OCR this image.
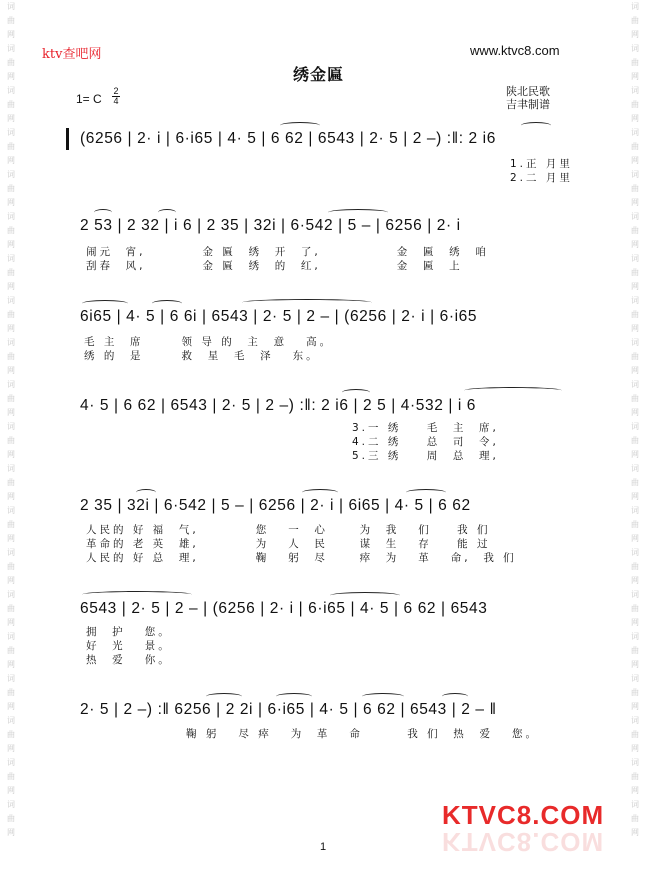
词
曲
网
词
曲
网
词
曲
网
词
曲
网
词
曲
网
词
曲
网
词
曲
网
词
曲
网
词
曲
网
词
曲
网
词
曲
网
词
曲
网
词
曲
网
词
曲
网
词
曲
网
词
曲
网
词
曲
网
词
曲
网
词
曲
网
词
曲
网
词
曲
网
词
曲
网
词
曲
网
词
曲
网
词
曲
网
词
曲
网
词
曲
网
词
曲
网
词
曲
网
词
曲
网
词
曲
网
词
曲
网
词
曲
网
词
曲
网
词
曲
网
词
曲
网
词
曲
网
词
曲
网
词
曲
网
词
曲
网
ktv查吧网	www.ktvc8.com
绣金匾
1= C
2
4
陕北民歌
吉聿制谱
(6256 | 2· i | 6·i65 | 4· 5 | 6 62 | 6543 | 2· 5 | 2 –) :‖: 2 i6
1.正 月里
2.二 月里
2 53 | 2 32 | i 6 | 2 35 | 32i | 6·542 | 5 – | 6256 | 2· i
闹元  宵,         金 匾  绣  开  了,            金  匾  绣  咱
刮春  风,         金 匾  绣  的  红,            金  匾  上
6i65 | 4· 5 | 6 6i | 6543 | 2· 5 | 2 – | (6256 | 2· i | 6·i65
毛 主  席      领 导 的  主  意   高。
绣 的  是      救  星  毛  泽   东。
4· 5 | 6 62 | 6543 | 2· 5 | 2 –) :‖: 2 i6 | 2 5 | 4·532 | i 6
3.一 绣    毛  主  席,
4.二 绣    总  司  令,
5.三 绣    周  总  理,
2 35 | 32i | 6·542 | 5 – | 6256 | 2· i | 6i65 | 4· 5 | 6 62
人民的 好 福  气,         您   一  心     为  我   们    我 们
革命的 老 英  雄,         为   人  民     谋  生   存    能 过
人民的 好 总  理,         鞠   躬  尽     瘁  为   革   命,  我 们
6543 | 2· 5 | 2 – | (6256 | 2· i | 6·i65 | 4· 5 | 6 62 | 6543
拥  护   您。
好  光   景。
热  爱   你。
2· 5 | 2 –) :‖ 6256 | 2 2i | 6·i65 | 4· 5 | 6 62 | 6543 | 2 – ‖
鞠 躬   尽 瘁   为  革   命       我 们  热  爱   您。
KTVC8.COM
KTVC8.COM
1
